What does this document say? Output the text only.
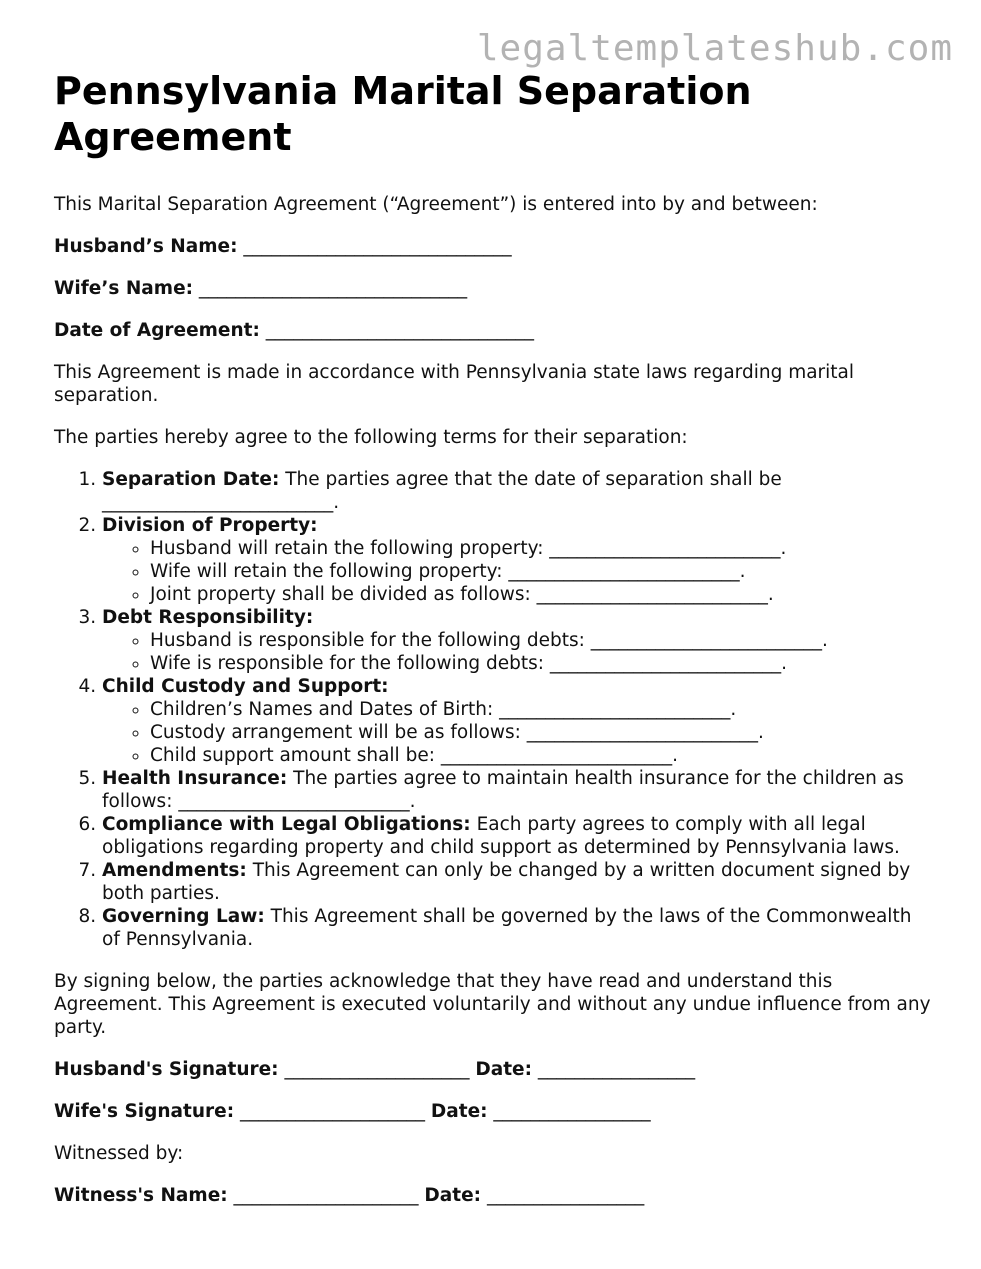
legaltemplateshub.com
Pennsylvania Marital Separation Agreement

This Marital Separation Agreement (“Agreement”) is entered into by and between:

Husband’s Name: _____________________________

Wife’s Name: _____________________________

Date of Agreement: _____________________________

This Agreement is made in accordance with Pennsylvania state laws regarding marital separation.

The parties hereby agree to the following terms for their separation:

1. Separation Date: The parties agree that the date of separation shall be _________________________.
2. Division of Property:
◦ Husband will retain the following property: _________________________.
◦ Wife will retain the following property: _________________________.
◦ Joint property shall be divided as follows: _________________________.
3. Debt Responsibility:
◦ Husband is responsible for the following debts: _________________________.
◦ Wife is responsible for the following debts: _________________________.
4. Child Custody and Support:
◦ Children’s Names and Dates of Birth: _________________________.
◦ Custody arrangement will be as follows: _________________________.
◦ Child support amount shall be: _________________________.
5. Health Insurance: The parties agree to maintain health insurance for the children as follows: _________________________.
6. Compliance with Legal Obligations: Each party agrees to comply with all legal obligations regarding property and child support as determined by Pennsylvania laws.
7. Amendments: This Agreement can only be changed by a written document signed by both parties.
8. Governing Law: This Agreement shall be governed by the laws of the Commonwealth of Pennsylvania.

By signing below, the parties acknowledge that they have read and understand this Agreement. This Agreement is executed voluntarily and without any undue influence from any party.

Husband's Signature: ____________________ Date: _________________

Wife's Signature: ____________________ Date: _________________

Witnessed by:

Witness's Name: ____________________ Date: _________________
